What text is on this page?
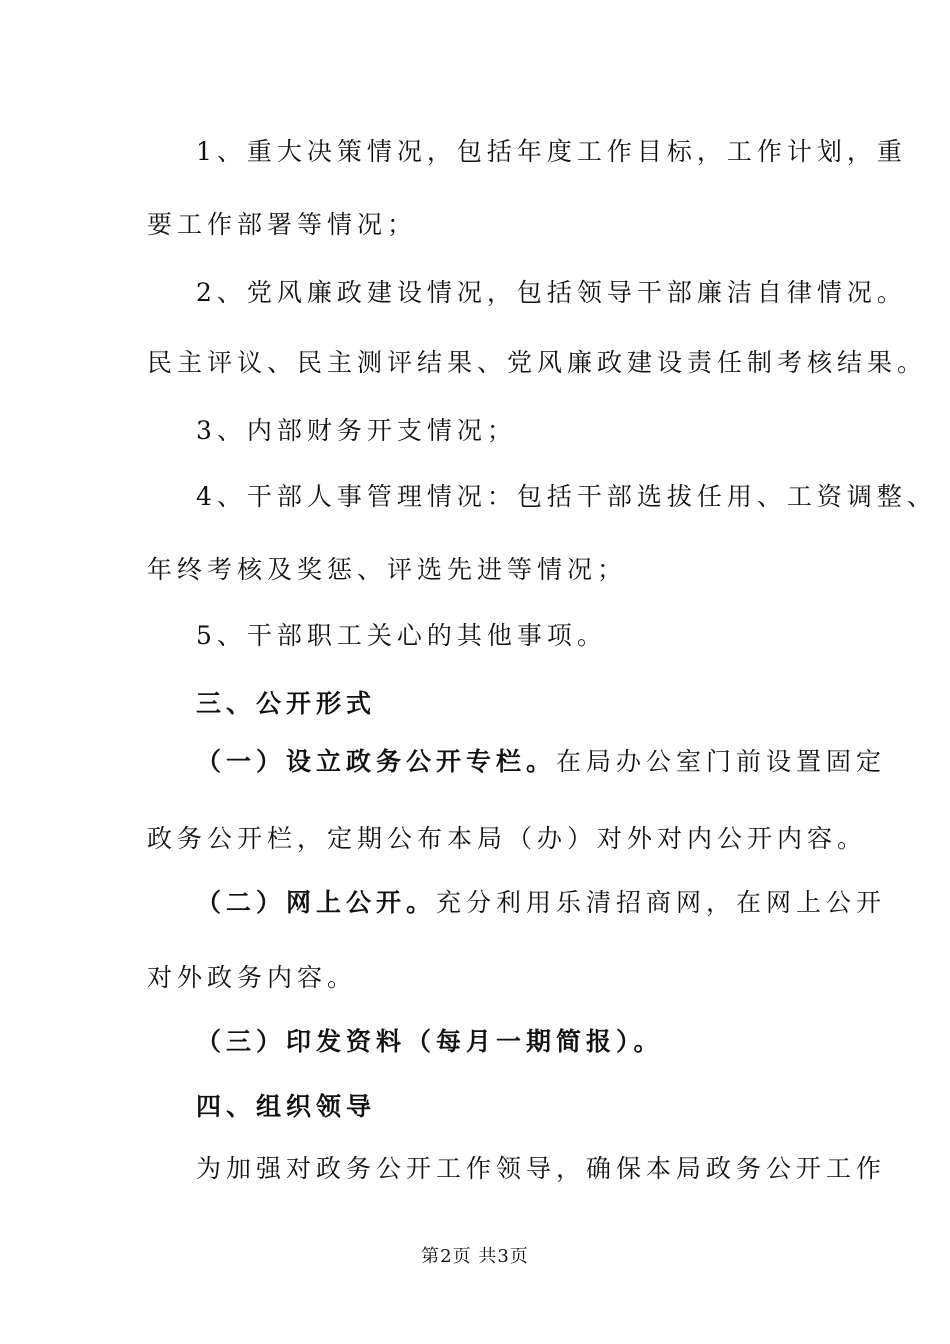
1、重大决策情况，包括年度工作目标，工作计划，重
要工作部署等情况；
2、党风廉政建设情况，包括领导干部廉洁自律情况。
民主评议、民主测评结果、党风廉政建设责任制考核结果。
3、内部财务开支情况；
4、干部人事管理情况：包括干部选拔任用、工资调整、
年终考核及奖惩、评选先进等情况；
5、干部职工关心的其他事项。
三、公开形式
（一）设立政务公开专栏。在局办公室门前设置固定
政务公开栏，定期公布本局（办）对外对内公开内容。
（二）网上公开。充分利用乐清招商网，在网上公开
对外政务内容。
（三）印发资料（每月一期简报）。
四、组织领导
为加强对政务公开工作领导，确保本局政务公开工作
第2页 共3页
